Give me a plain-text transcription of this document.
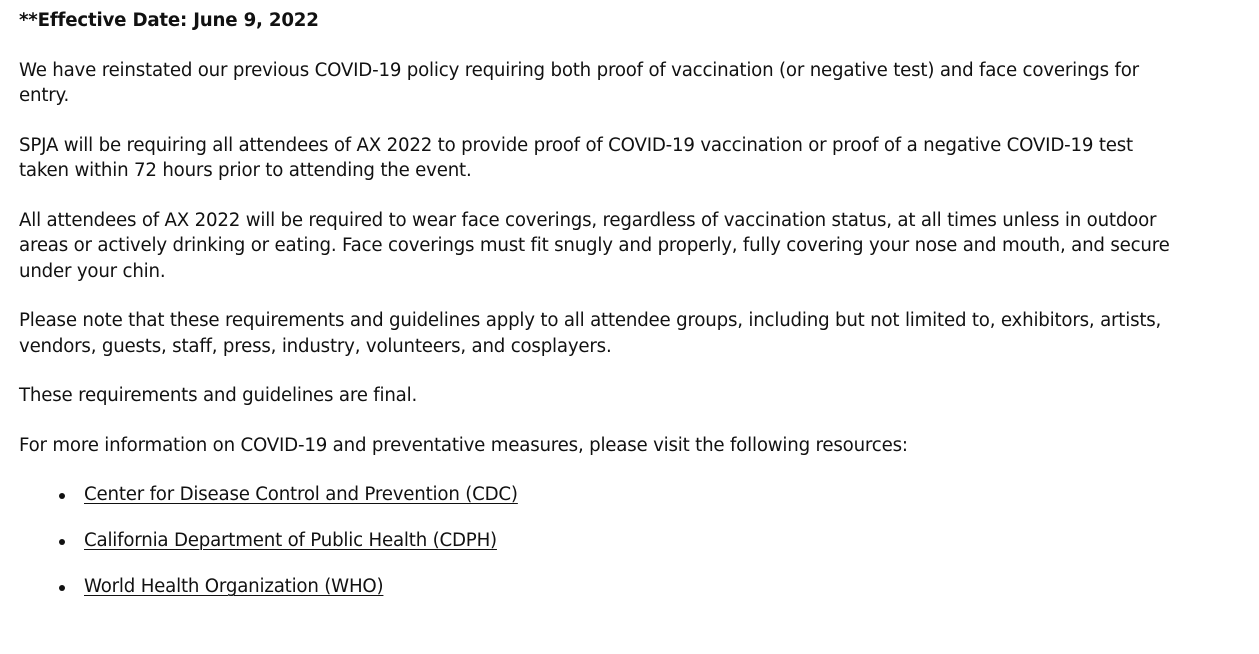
**Effective Date: June 9, 2022

We have reinstated our previous COVID-19 policy requiring both proof of vaccination (or negative test) and face coverings for entry.

SPJA will be requiring all attendees of AX 2022 to provide proof of COVID-19 vaccination or proof of a negative COVID-19 test taken within 72 hours prior to attending the event.

All attendees of AX 2022 will be required to wear face coverings, regardless of vaccination status, at all times unless in outdoor areas or actively drinking or eating. Face coverings must fit snugly and properly, fully covering your nose and mouth, and secure under your chin.

Please note that these requirements and guidelines apply to all attendee groups, including but not limited to, exhibitors, artists, vendors, guests, staff, press, industry, volunteers, and cosplayers.

These requirements and guidelines are final.

For more information on COVID-19 and preventative measures, please visit the following resources:

Center for Disease Control and Prevention (CDC)
California Department of Public Health (CDPH)
World Health Organization (WHO)
